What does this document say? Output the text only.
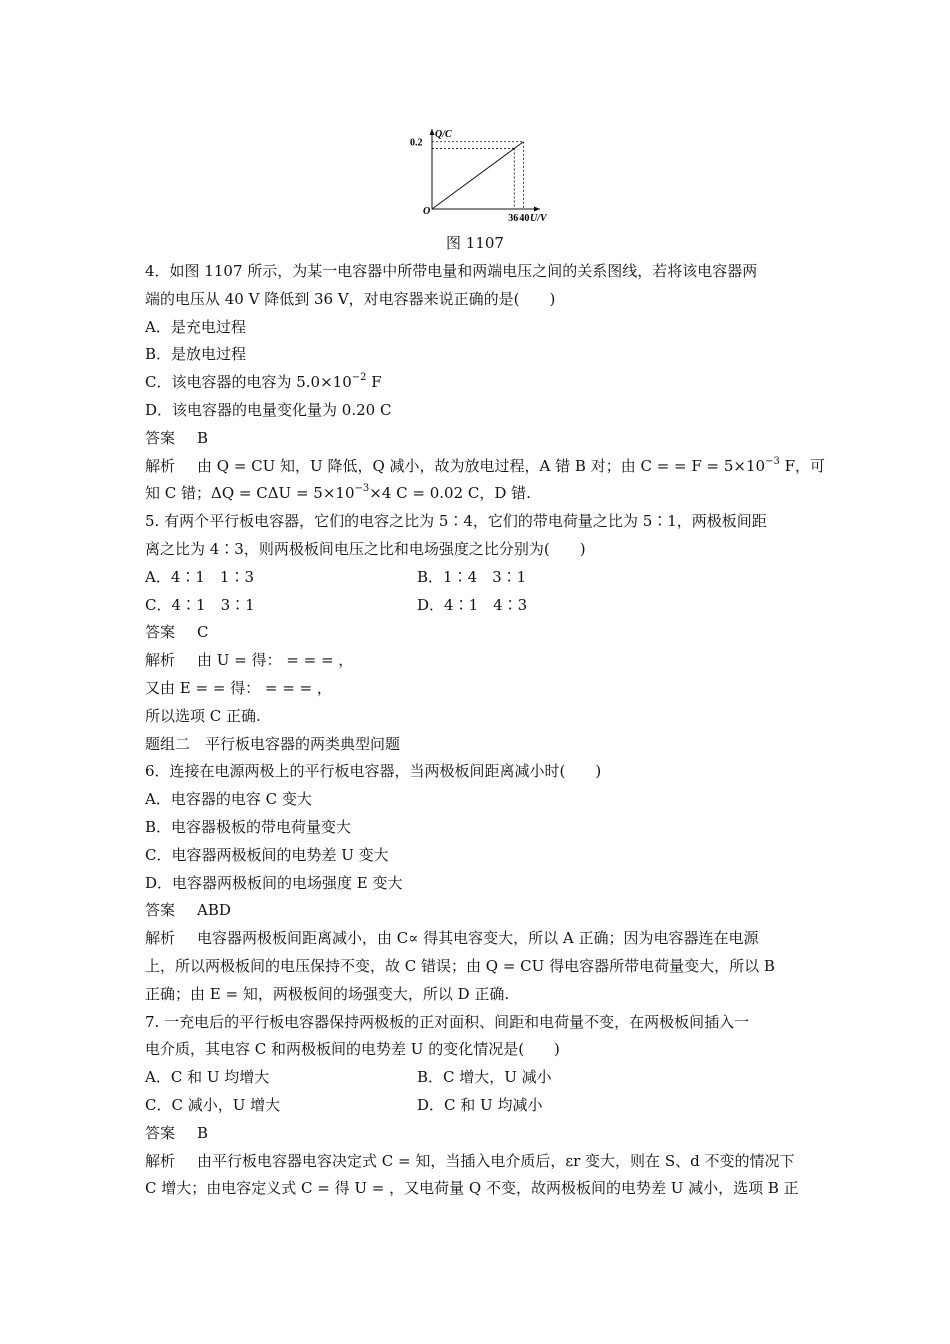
Q/C
U/V
O
0.2
36 40
图 1107
4．如图 1107 所示，为某一电容器中所带电量和两端电压之间的关系图线，若将该电容器两
端的电压从 40 V 降低到 36 V，对电容器来说正确的是(　　)
A．是充电过程
B．是放电过程
C．该电容器的电容为 $5.0\times 10^{-2}$ F
D．该电容器的电量变化量为 0.20 C
答案 B
解析 由 Q = CU 知，U 降低，Q 减小，故为放电过程，A 错 B 对；由 C = = $F = 5\times 10^{-3}$ F，可
知 C 错；$\Delta Q = C\Delta U = 5\times 10^{-3}\times 4$ C = 0.02 C，D 错.
5. 有两个平行板电容器，它们的电容之比为 5∶4，它们的带电荷量之比为 5∶1，两极板间距
离之比为 4∶3，则两极板间电压之比和电场强度之比分别为(　　)
A．4∶1　1∶3	B．1∶4　3∶1
C．4∶1　3∶1	D．4∶1　4∶3
答案 C
解析 由 U = 得： = = = ，
又由 E = = 得： = = = ，
所以选项 C 正确.
题组二　平行板电容器的两类典型问题
6．连接在电源两极上的平行板电容器，当两极板间距离减小时(　　)
A．电容器的电容 C 变大
B．电容器极板的带电荷量变大
C．电容器两极板间的电势差 U 变大
D．电容器两极板间的电场强度 E 变大
答案 ABD
解析 电容器两极板间距离减小，由 C∝ 得其电容变大，所以 A 正确；因为电容器连在电源
上，所以两极板间的电压保持不变，故 C 错误；由 Q = CU 得电容器所带电荷量变大，所以 B
正确；由 E = 知，两极板间的场强变大，所以 D 正确.
7. 一充电后的平行板电容器保持两极板的正对面积、间距和电荷量不变，在两极板间插入一
电介质，其电容 C 和两极板间的电势差 U 的变化情况是(　　)
A．C 和 U 均增大	B．C 增大，U 减小
C．C 减小，U 增大	D．C 和 U 均减小
答案 B
解析 由平行板电容器电容决定式 C = 知，当插入电介质后，εr 变大，则在 S、d 不变的情况下
C 增大；由电容定义式 C = 得 U = ，又电荷量 Q 不变，故两极板间的电势差 U 减小，选项 B 正
